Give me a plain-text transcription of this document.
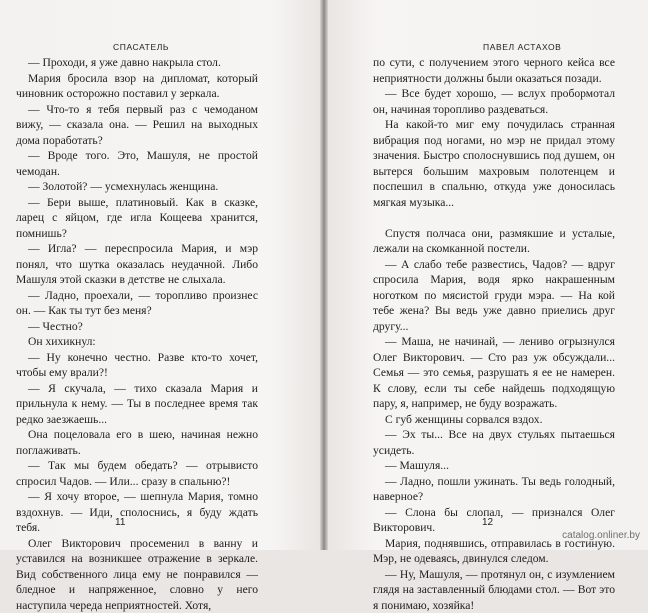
СПАСАТЕЛЬ

— Проходи, я уже давно накрыла стол.

Мария бросила взор на дипломат, который чиновник осторожно поставил у зеркала.

— Что-то я тебя первый раз с чемоданом вижу, — сказала она. — Решил на выходных дома поработать?

— Вроде того. Это, Машуля, не простой чемодан.

— Золотой? — усмехнулась женщина.

— Бери выше, платиновый. Как в сказке, ларец с яйцом, где игла Кощеева хранится, помнишь?

— Игла? — переспросила Мария, и мэр понял, что шутка оказалась неудачной. Либо Машуля этой сказки в детстве не слыхала.

— Ладно, проехали, — торопливо произнес он. — Как ты тут без меня?

— Честно?

Он хихикнул:

— Ну конечно честно. Разве кто-то хочет, чтобы ему врали?!

— Я скучала, — тихо сказала Мария и прильнула к нему. — Ты в последнее время так редко заезжаешь...

Она поцеловала его в шею, начиная нежно поглаживать.

— Так мы будем обедать? — отрывисто спросил Чадов. — Или... сразу в спальню?!

— Я хочу второе, — шепнула Мария, томно вздохнув. — Иди, сполоснись, я буду ждать тебя.

Олег Викторович просеменил в ванну и уставился на возникшее отражение в зеркале. Вид собственного лица ему не понравился — бледное и напряженное, словно у него наступила череда неприятностей. Хотя,

11
ПАВЕЛ АСТАХОВ

по сути, с получением этого черного кейса все неприятности должны были оказаться позади.

— Все будет хорошо, — вслух пробормотал он, начиная торопливо раздеваться.

На какой-то миг ему почудилась странная вибрация под ногами, но мэр не придал этому значения. Быстро сполоснувшись под душем, он вытерся большим махровым полотенцем и поспешил в спальню, откуда уже доносилась мягкая музыка...

Спустя полчаса они, размякшие и усталые, лежали на скомканной постели.

— А слабо тебе развестись, Чадов? — вдруг спросила Мария, водя ярко накрашенным ноготком по мясистой груди мэра. — На кой тебе жена? Вы ведь уже давно приелись друг другу...

— Маша, не начинай, — лениво огрызнулся Олег Викторович. — Сто раз уж обсуждали... Семья — это семья, разрушать я ее не намерен. К слову, если ты себе найдешь подходящую пару, я, например, не буду возражать.

С губ женщины сорвался вздох.

— Эх ты... Все на двух стульях пытаешься усидеть.

— Машуля...

— Ладно, пошли ужинать. Ты ведь голодный, наверное?

— Слона бы слопал, — признался Олег Викторович.

Мария, поднявшись, отправилась в гостиную. Мэр, не одеваясь, двинулся следом.

— Ну, Машуля, — протянул он, с изумлением глядя на заставленный блюдами стол. — Вот это я понимаю, хозяйка!

12
catalog.onliner.by
